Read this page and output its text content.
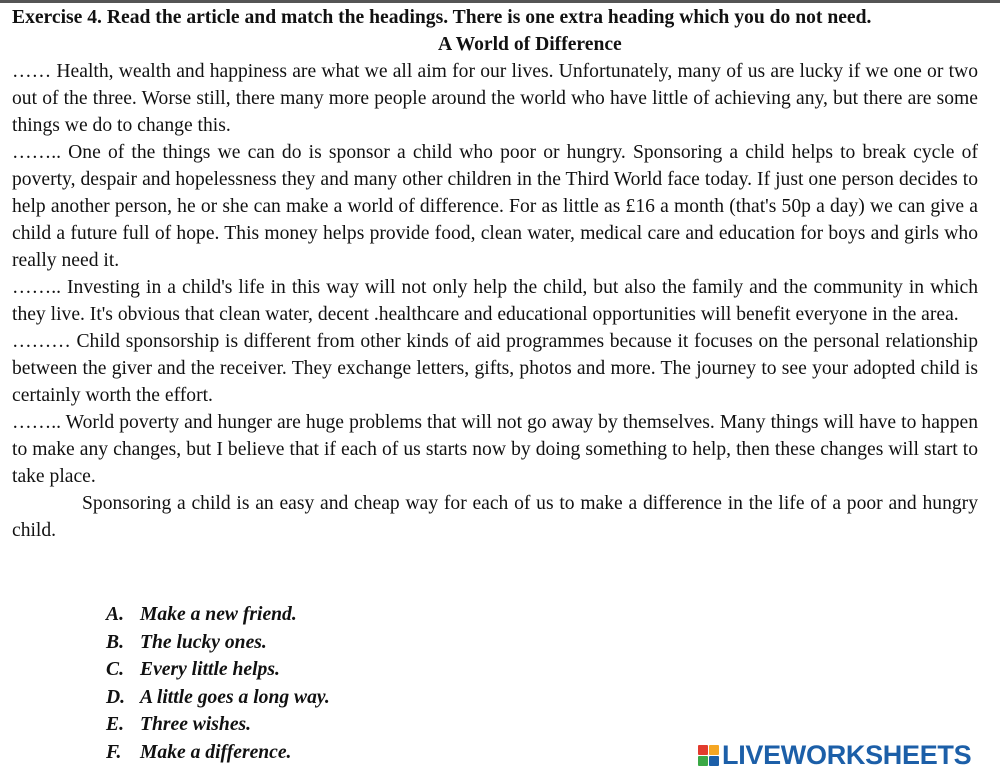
Exercise 4. Read the article and match the headings. There is one extra heading which you do not need.

A World of Difference

…… Health, wealth and happiness are what we all aim for our lives. Unfortunately, many of us are lucky if we one or two out of the three. Worse still, there many more people around the world who have little of achieving any, but there are some things we do to change this.

…….. One of the things we can do is sponsor a child who poor or hungry. Sponsoring a child helps to break cycle of poverty, despair and hopelessness they and many other children in the Third World face today. If just one person decides to help another person, he or she can make a world of difference. For as little as £16 a month (that's 50p a day) we can give a child a future full of hope. This money helps provide food, clean water, medical care and education for boys and girls who really need it.

…….. Investing in a child's life in this way will not only help the child, but also the family and the community in which they live. It's obvious that clean water, decent .healthcare and educational opportunities will benefit everyone in the area.

……… Child sponsorship is different from other kinds of aid programmes because it focuses on the personal relationship between the giver and the receiver. They exchange letters, gifts, photos and more. The journey to see your adopted child is certainly worth the effort.

…….. World poverty and hunger are huge problems that will not go away by themselves. Many things will have to happen to make any changes, but I believe that if each of us starts now by doing something to help, then these changes will start to take place.

Sponsoring a child is an easy and cheap way for each of us to make a difference in the life of a poor and hungry child.

A. Make a new friend.
B. The lucky ones.
C. Every little helps.
D. A little goes a long way.
E. Three wishes.
F. Make a difference.	LIVEWORKSHEETS
